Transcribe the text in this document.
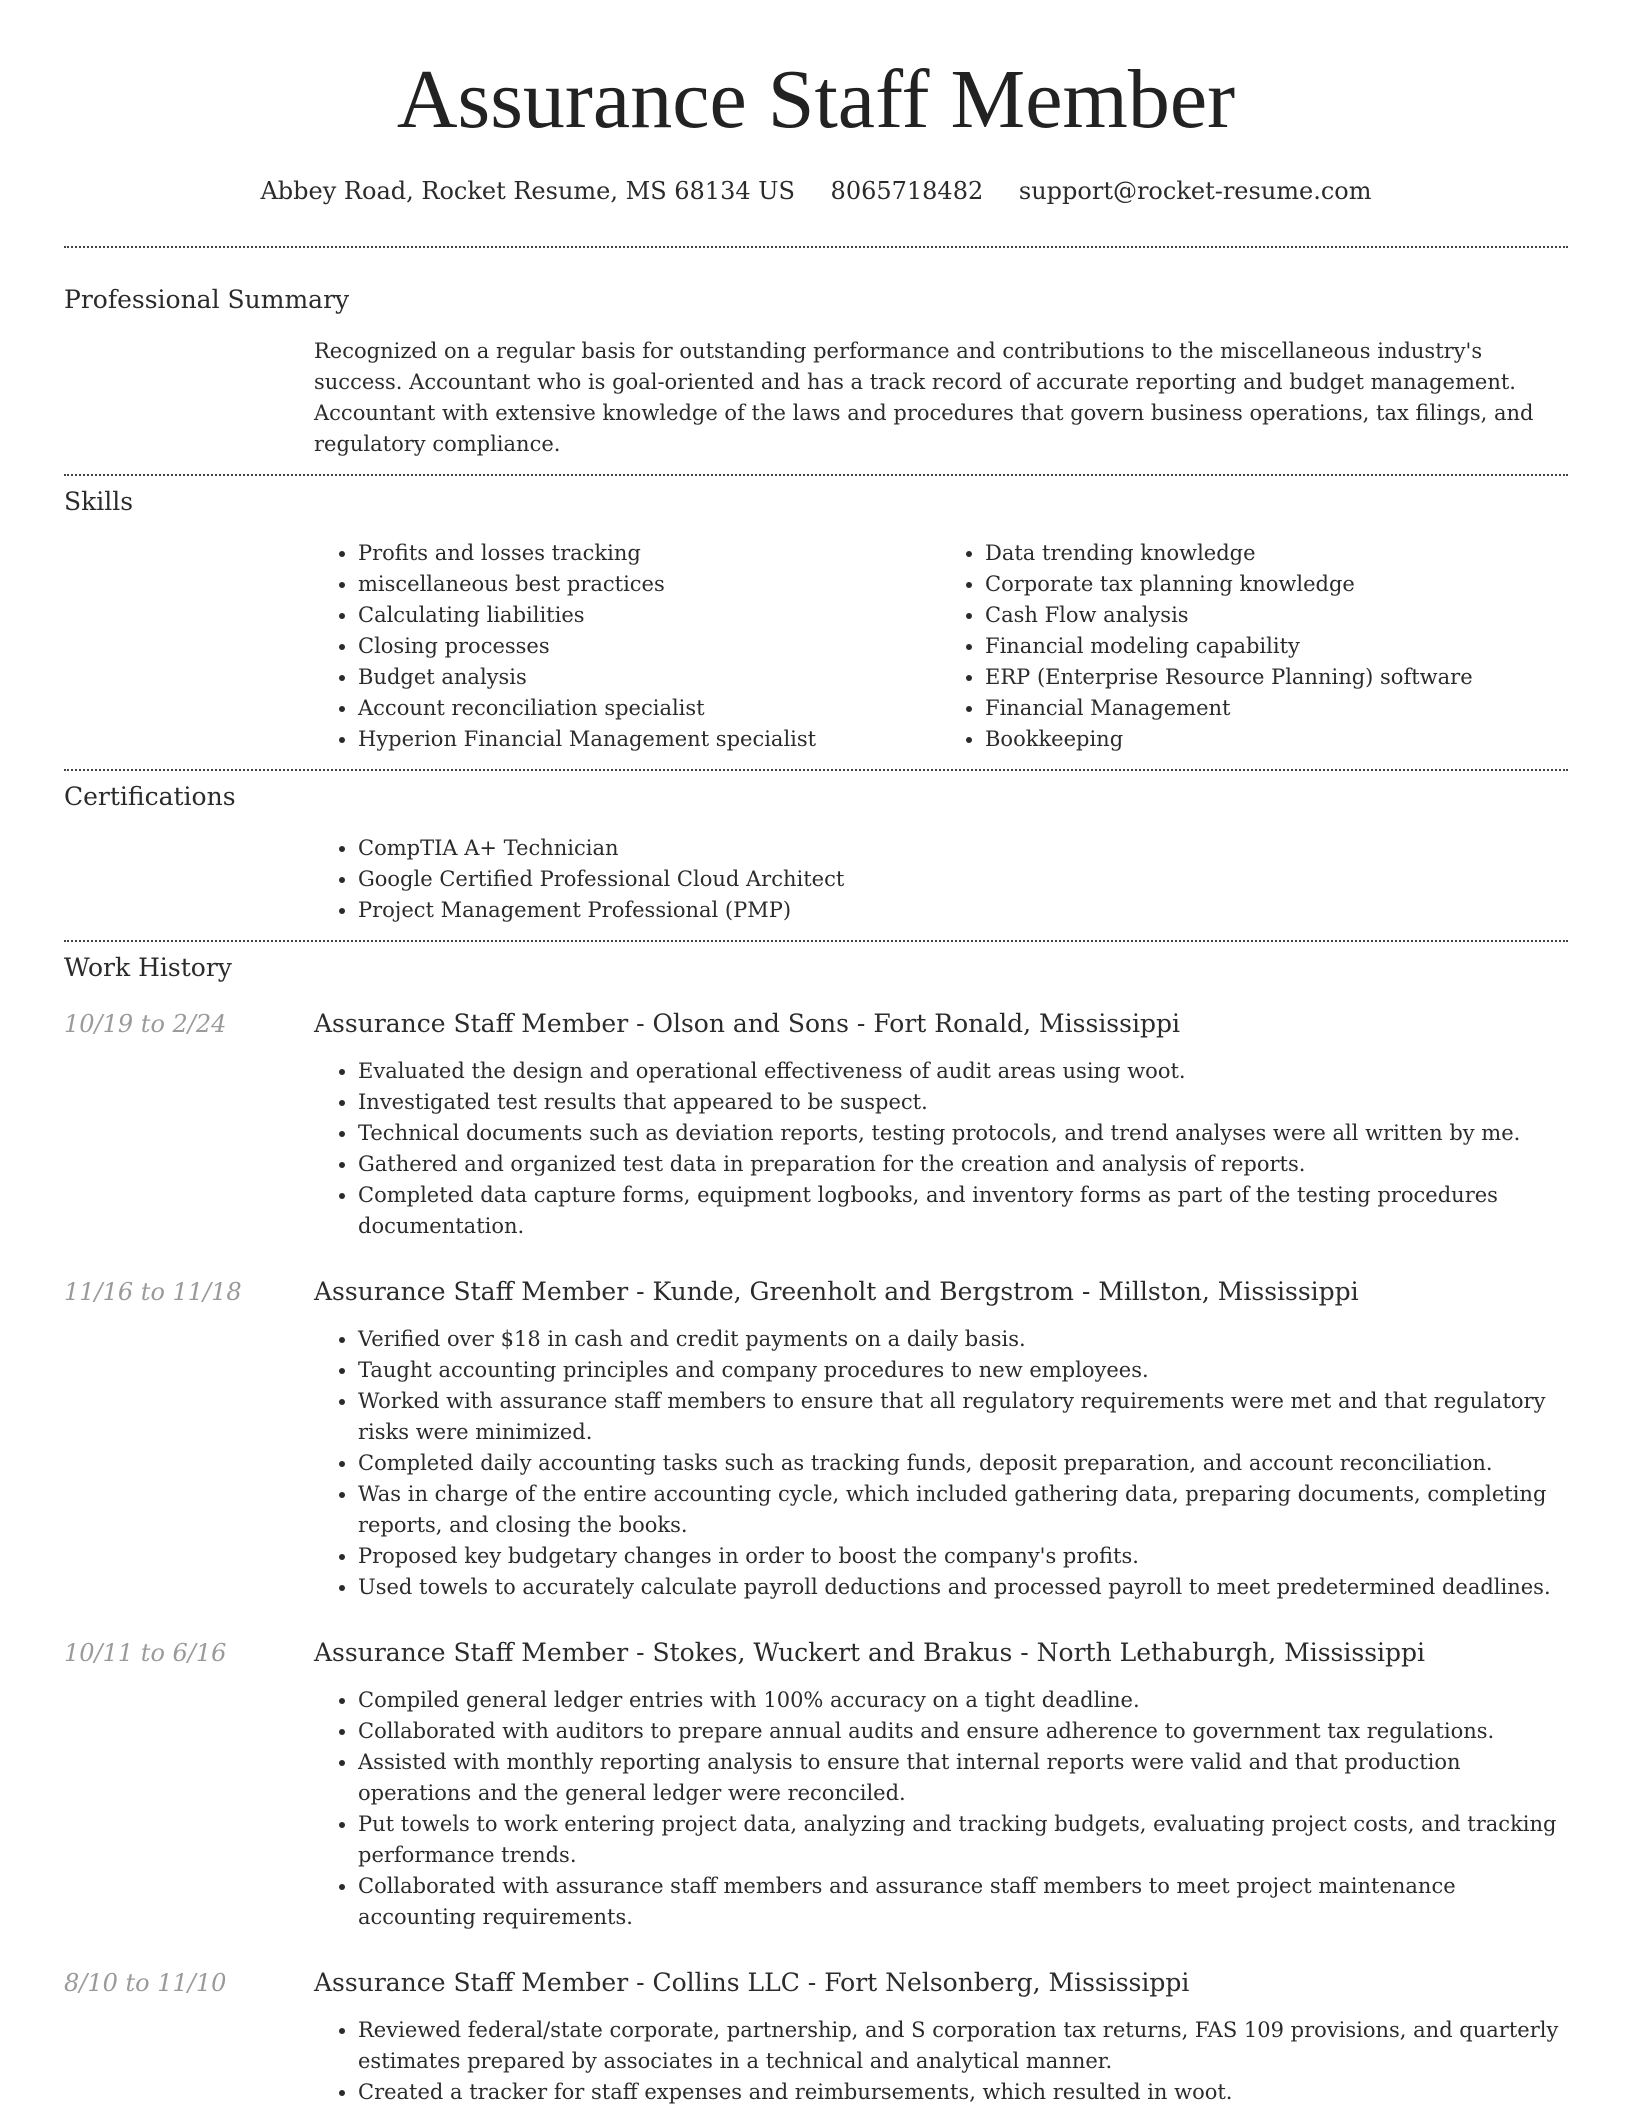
Assurance Staff Member
Abbey Road, Rocket Resume, MS 68134 US 8065718482 support@rocket-resume.com
Professional Summary
Recognized on a regular basis for outstanding performance and contributions to the miscellaneous industry's success. Accountant who is goal-oriented and has a track record of accurate reporting and budget management. Accountant with extensive knowledge of the laws and procedures that govern business operations, tax filings, and regulatory compliance.
Skills
• Profits and losses tracking
• miscellaneous best practices
• Calculating liabilities
• Closing processes
• Budget analysis
• Account reconciliation specialist
• Hyperion Financial Management specialist
• Data trending knowledge
• Corporate tax planning knowledge
• Cash Flow analysis
• Financial modeling capability
• ERP (Enterprise Resource Planning) software
• Financial Management
• Bookkeeping
Certifications
• CompTIA A+ Technician
• Google Certified Professional Cloud Architect
• Project Management Professional (PMP)
Work History
10/19 to 2/24	Assurance Staff Member - Olson and Sons - Fort Ronald, Mississippi
• Evaluated the design and operational effectiveness of audit areas using woot.
• Investigated test results that appeared to be suspect.
• Technical documents such as deviation reports, testing protocols, and trend analyses were all written by me.
• Gathered and organized test data in preparation for the creation and analysis of reports.
• Completed data capture forms, equipment logbooks, and inventory forms as part of the testing procedures documentation.
11/16 to 11/18	Assurance Staff Member - Kunde, Greenholt and Bergstrom - Millston, Mississippi
• Verified over $18 in cash and credit payments on a daily basis.
• Taught accounting principles and company procedures to new employees.
• Worked with assurance staff members to ensure that all regulatory requirements were met and that regulatory risks were minimized.
• Completed daily accounting tasks such as tracking funds, deposit preparation, and account reconciliation.
• Was in charge of the entire accounting cycle, which included gathering data, preparing documents, completing reports, and closing the books.
• Proposed key budgetary changes in order to boost the company's profits.
• Used towels to accurately calculate payroll deductions and processed payroll to meet predetermined deadlines.
10/11 to 6/16	Assurance Staff Member - Stokes, Wuckert and Brakus - North Lethaburgh, Mississippi
• Compiled general ledger entries with 100% accuracy on a tight deadline.
• Collaborated with auditors to prepare annual audits and ensure adherence to government tax regulations.
• Assisted with monthly reporting analysis to ensure that internal reports were valid and that production operations and the general ledger were reconciled.
• Put towels to work entering project data, analyzing and tracking budgets, evaluating project costs, and tracking performance trends.
• Collaborated with assurance staff members and assurance staff members to meet project maintenance accounting requirements.
8/10 to 11/10	Assurance Staff Member - Collins LLC - Fort Nelsonberg, Mississippi
• Reviewed federal/state corporate, partnership, and S corporation tax returns, FAS 109 provisions, and quarterly estimates prepared by associates in a technical and analytical manner.
• Created a tracker for staff expenses and reimbursements, which resulted in woot.
